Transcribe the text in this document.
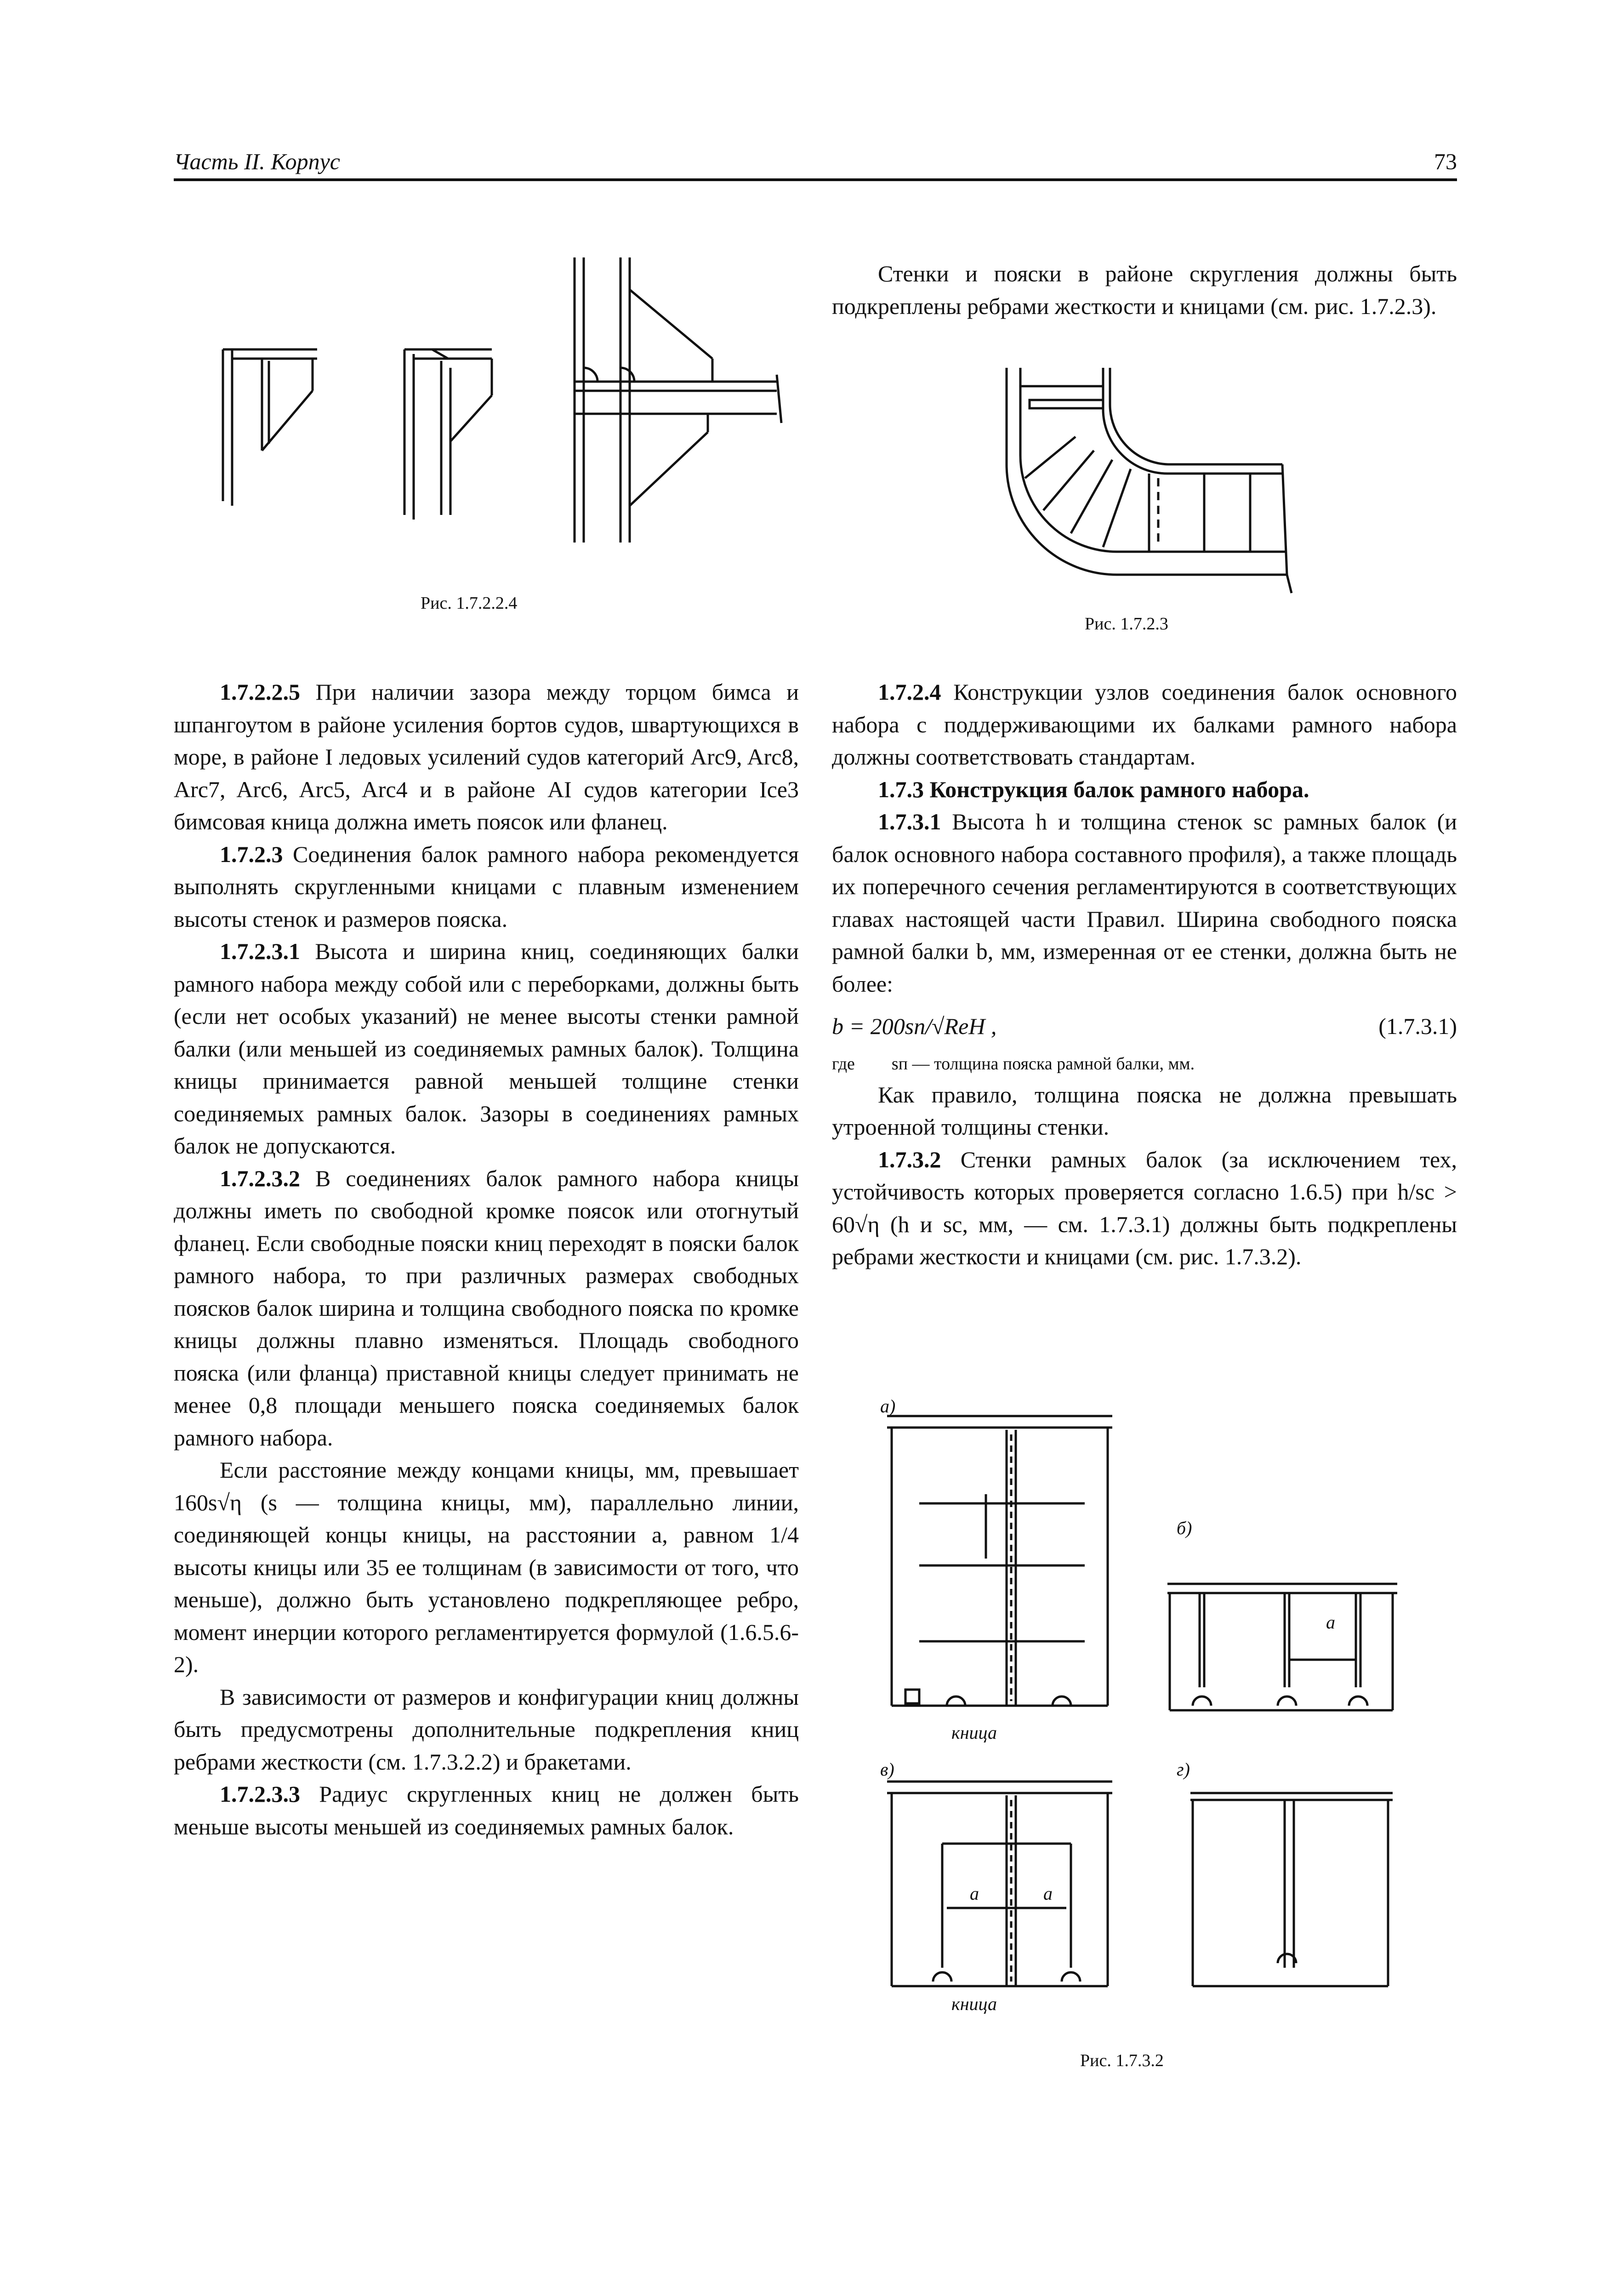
Часть II. Корпус	73
Рис. 1.7.2.2.4
Рис. 1.7.2.3

Стенки и пояски в районе скругления должны быть подкреплены ребрами жесткости и кницами (см. рис. 1.7.2.3).

1.7.2.4 Конструкции узлов соединения балок основного набора с поддерживающими их балками рамного набора должны соответствовать стандартам.

1.7.3 Конструкция балок рамного набора.

1.7.3.1 Высота h и толщина стенок sс рамных балок (и балок основного набора составного профиля), а также площадь их поперечного сечения регламентируются в соответствующих главах настоящей части Правил. Ширина свободного пояска рамной балки b, мм, измеренная от ее стенки, должна быть не более:

b = 200sп/√ReH ,	(1.7.3.1)

где sп — толщина пояска рамной балки, мм.

Как правило, толщина пояска не должна превышать утроенной толщины стенки.

1.7.3.2 Стенки рамных балок (за исключением тех, устойчивость которых проверяется согласно 1.6.5) при h/sc > 60√η (h и sc, мм, — см. 1.7.3.1) должны быть подкреплены ребрами жесткости и кницами (см. рис. 1.7.3.2).

а)
б)
в)	г)
кница
кница
а
а	а
Рис. 1.7.3.2

1.7.2.2.5 При наличии зазора между торцом бимса и шпангоутом в районе усиления бортов судов, швартующихся в море, в районе I ледовых усилений судов категорий Arc9, Arc8, Arc7, Arc6, Arc5, Arc4 и в районе AI судов категории Ice3 бимсовая кница должна иметь поясок или фланец.

1.7.2.3 Соединения балок рамного набора рекомендуется выполнять скругленными кницами с плавным изменением высоты стенок и размеров пояска.

1.7.2.3.1 Высота и ширина книц, соединяющих балки рамного набора между собой или с переборками, должны быть (если нет особых указаний) не менее высоты стенки рамной балки (или меньшей из соединяемых рамных балок). Толщина кницы принимается равной меньшей толщине стенки соединяемых рамных балок. Зазоры в соединениях рамных балок не допускаются.

1.7.2.3.2 В соединениях балок рамного набора кницы должны иметь по свободной кромке поясок или отогнутый фланец. Если свободные пояски книц переходят в пояски балок рамного набора, то при различных размерах свободных поясков балок ширина и толщина свободного пояска по кромке кницы должны плавно изменяться. Площадь свободного пояска (или фланца) приставной кницы следует принимать не менее 0,8 площади меньшего пояска соединяемых балок рамного набора.

Если расстояние между концами кницы, мм, превышает 160s√η (s — толщина кницы, мм), параллельно линии, соединяющей концы кницы, на расстоянии a, равном 1/4 высоты кницы или 35 ее толщинам (в зависимости от того, что меньше), должно быть установлено подкрепляющее ребро, момент инерции которого регламентируется формулой (1.6.5.6-2).

В зависимости от размеров и конфигурации книц должны быть предусмотрены дополнительные подкрепления книц ребрами жесткости (см. 1.7.3.2.2) и бракетами.

1.7.2.3.3 Радиус скругленных книц не должен быть меньше высоты меньшей из соединяемых рамных балок.
